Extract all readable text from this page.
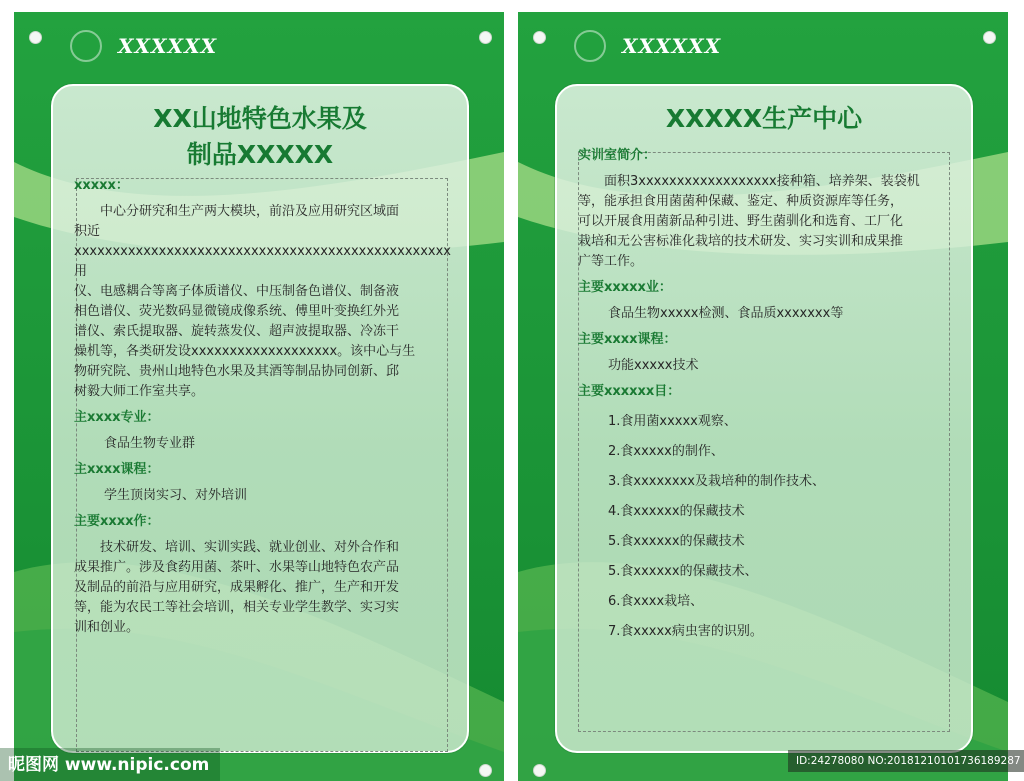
XXXXXX
XX山地特色水果及
制品XXXXX

xxxxx：

　　中心分研究和生产两大模块，前沿及应用研究区域面

积近xxxxxxxxxxxxxxxxxxxxxxxxxxxxxxxxxxxxxxxxxxxxxxxxx用

仪、电感耦合等离子体质谱仪、中压制备色谱仪、制备液

相色谱仪、荧光数码显微镜成像系统、傅里叶变换红外光

谱仪、索氏提取器、旋转蒸发仪、超声波提取器、冷冻干

燥机等，各类研发设xxxxxxxxxxxxxxxxxxx。该中心与生

物研究院、贵州山地特色水果及其酒等制品协同创新、邱

树毅大师工作室共享。

主xxxx专业：

食品生物专业群

主xxxx课程：

学生顶岗实习、对外培训

主要xxxx作：

　　技术研发、培训、实训实践、就业创业、对外合作和

成果推广。涉及食药用菌、茶叶、水果等山地特色农产品

及制品的前沿与应用研究，成果孵化、推广，生产和开发

等，能为农民工等社会培训，相关专业学生教学、实习实

训和创业。

XXXXXX
XXXXX生产中心

实训室简介：

　　面积3xxxxxxxxxxxxxxxxxx接种箱、培养架、装袋机

等，能承担食用菌菌种保藏、鉴定、种质资源库等任务，

可以开展食用菌新品种引进、野生菌驯化和选育、工厂化

栽培和无公害标准化栽培的技术研发、实习实训和成果推

广等工作。

主要xxxxx业：

食品生物xxxxx检测、食品质xxxxxxx等

主要xxxx课程：

功能xxxxx技术

主要xxxxxx目：

1.食用菌xxxxx观察、

2.食xxxxx的制作、

3.食xxxxxxxx及栽培种的制作技术、

4.食xxxxxx的保藏技术

5.食xxxxxx的保藏技术

5.食xxxxxx的保藏技术、

6.食xxxx栽培、

7.食xxxxx病虫害的识别。

昵图网 www.nipic.com	ID:24278080 NO:20181210101736189287
